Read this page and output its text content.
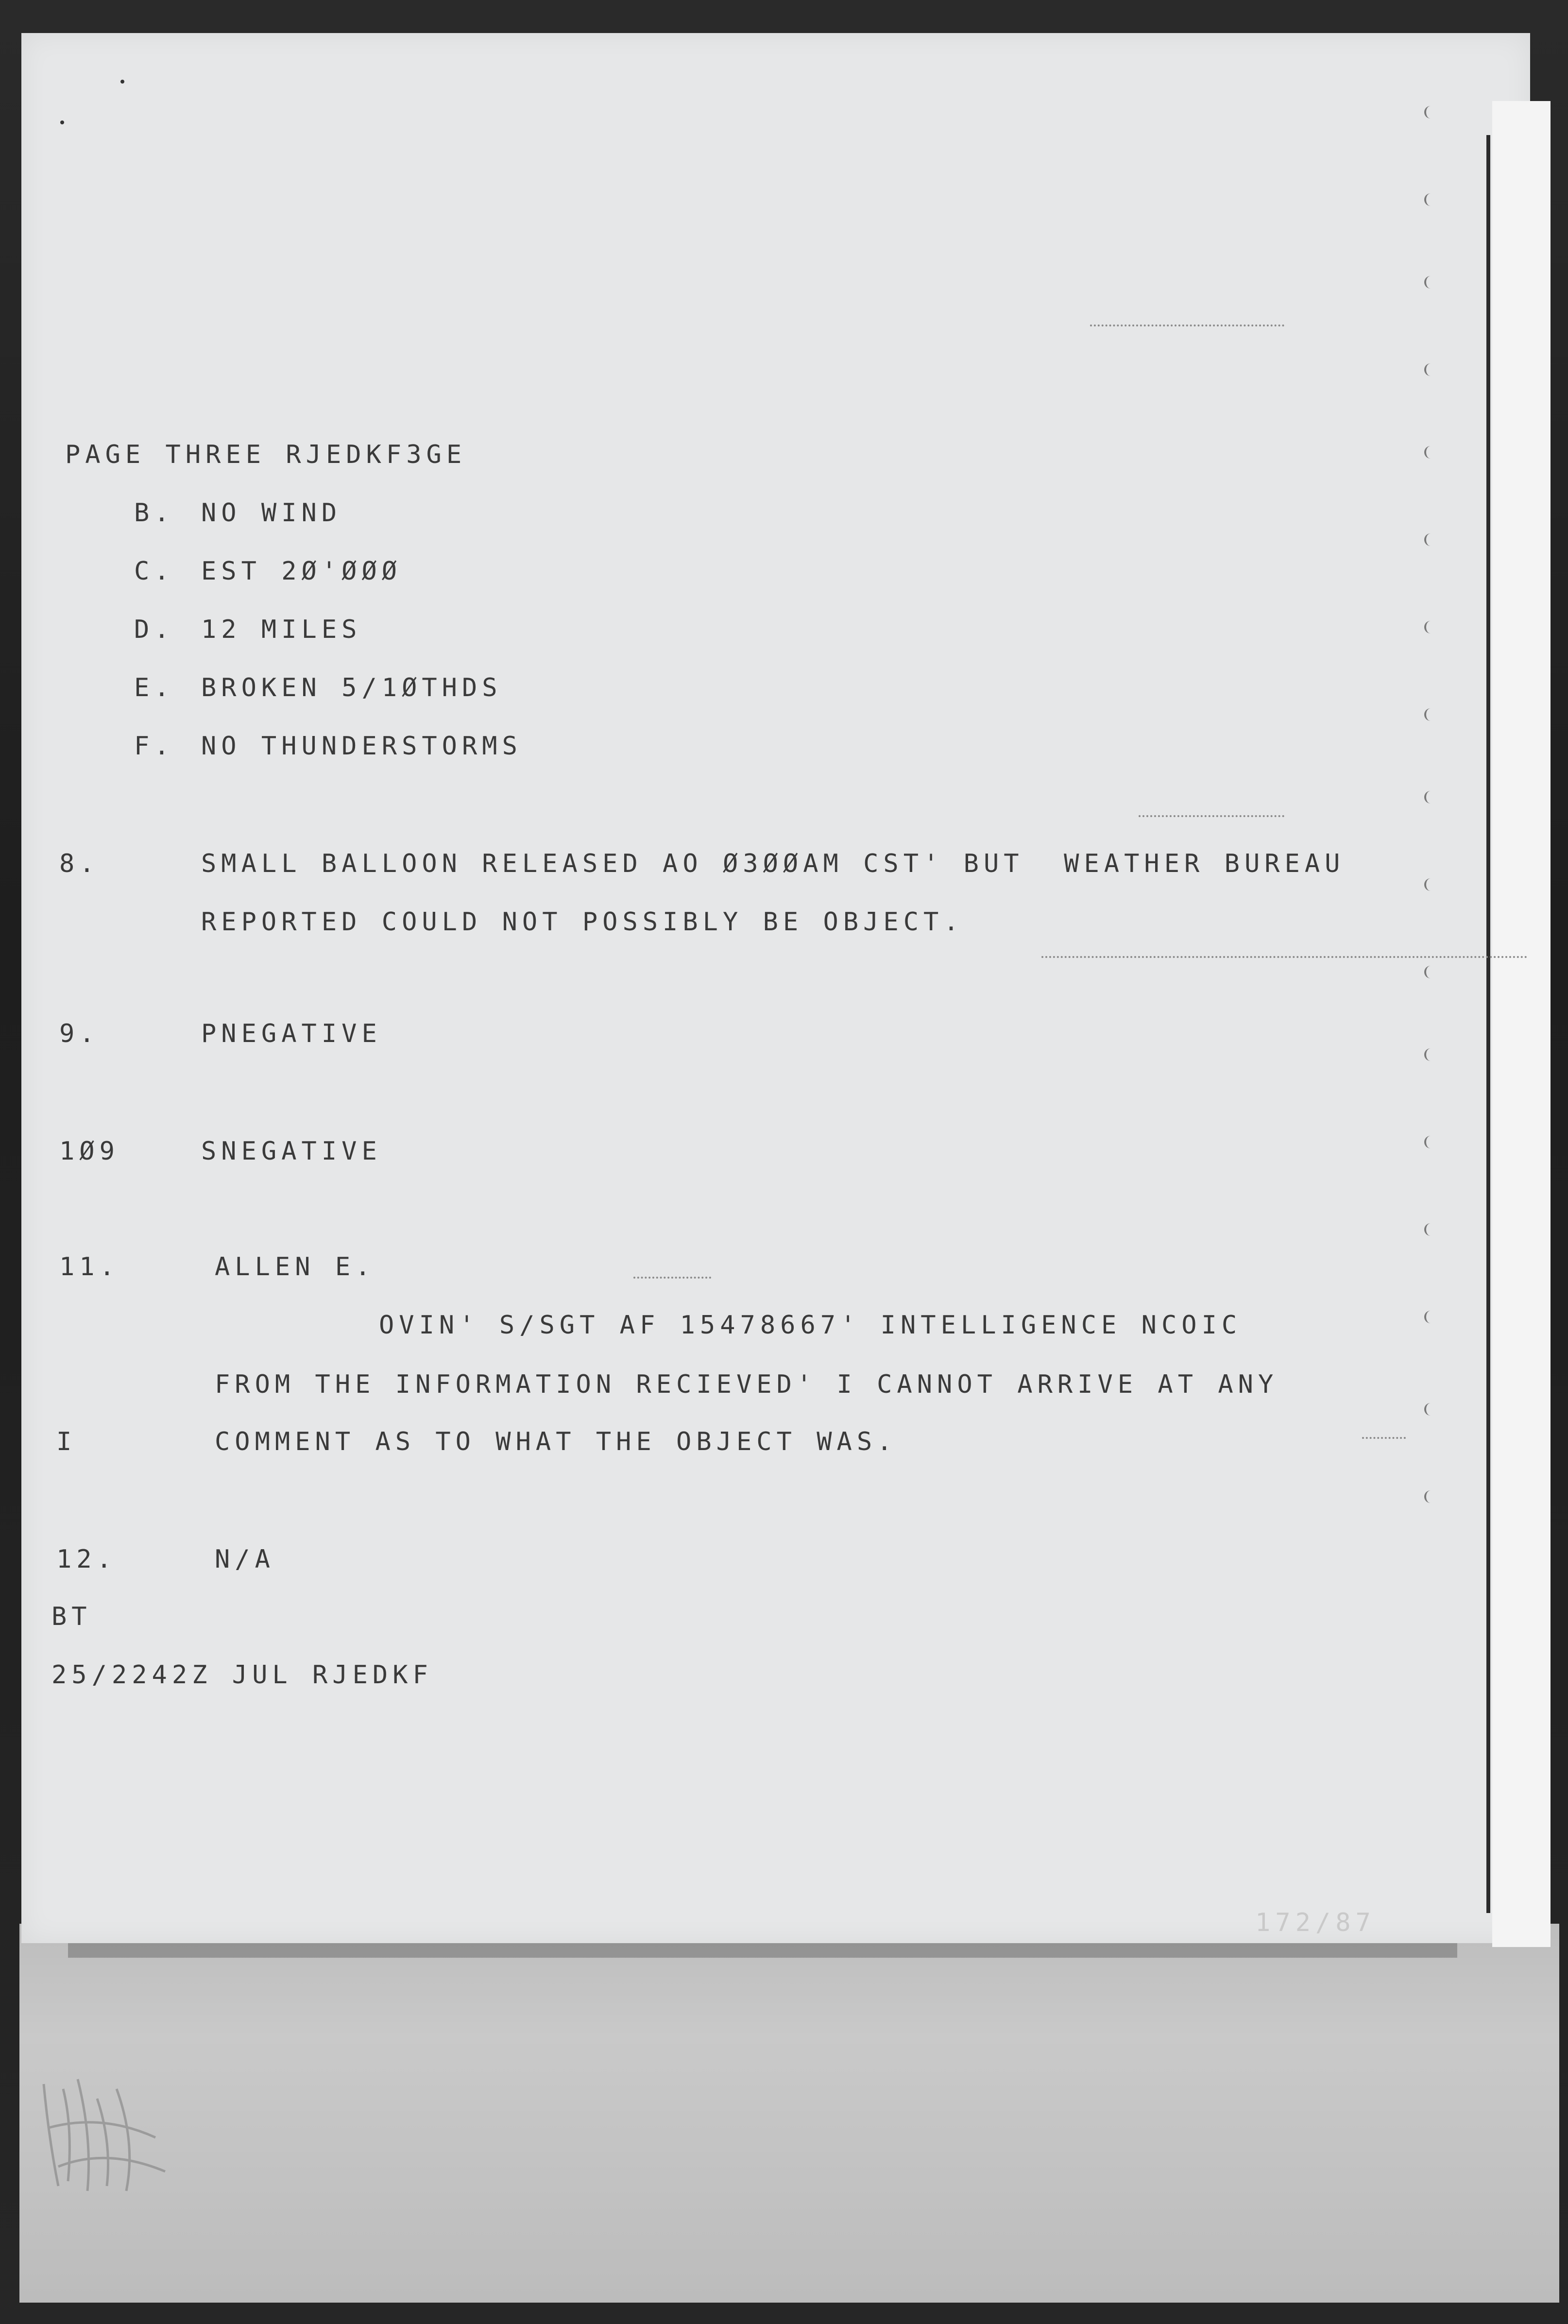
172/87
PAGE THREE RJEDKF3GE
B. NO WIND
C. EST 2Ø'ØØØ
D. 12 MILES
E. BROKEN 5/1ØTHDS
F. NO THUNDERSTORMS
8.	SMALL BALLOON RELEASED AO Ø3ØØAM CST' BUT  WEATHER BUREAU
REPORTED COULD NOT POSSIBLY BE OBJECT.
9.	PNEGATIVE
1Ø9	SNEGATIVE
11.	ALLEN E.
OVIN' S/SGT AF 15478667' INTELLIGENCE NCOIC
FROM THE INFORMATION RECIEVED' I CANNOT ARRIVE AT ANY
I	COMMENT AS TO WHAT THE OBJECT WAS.
12.	N/A
BT
25/2242Z JUL RJEDKF
